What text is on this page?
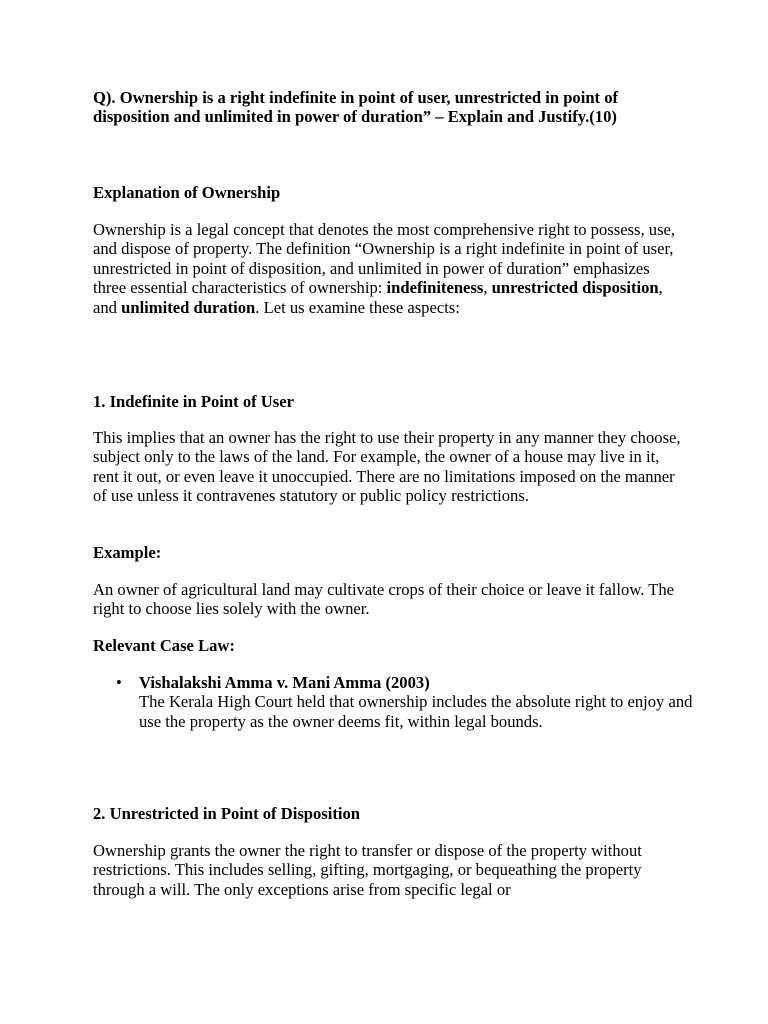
Q). Ownership is a right indefinite in point of user, unrestricted in point of disposition and unlimited in power of duration” – Explain and Justify.(10)

Explanation of Ownership

Ownership is a legal concept that denotes the most comprehensive right to possess, use, and dispose of property. The definition “Ownership is a right indefinite in point of user, unrestricted in point of disposition, and unlimited in power of duration” emphasizes three essential characteristics of ownership: indefiniteness, unrestricted disposition, and unlimited duration. Let us examine these aspects:

1. Indefinite in Point of User

This implies that an owner has the right to use their property in any manner they choose, subject only to the laws of the land. For example, the owner of a house may live in it, rent it out, or even leave it unoccupied. There are no limitations imposed on the manner of use unless it contravenes statutory or public policy restrictions.

Example:

An owner of agricultural land may cultivate crops of their choice or leave it fallow. The right to choose lies solely with the owner.

Relevant Case Law:

• Vishalakshi Amma v. Mani Amma (2003)
The Kerala High Court held that ownership includes the absolute right to enjoy and use the property as the owner deems fit, within legal bounds.

2. Unrestricted in Point of Disposition

Ownership grants the owner the right to transfer or dispose of the property without restrictions. This includes selling, gifting, mortgaging, or bequeathing the property through a will. The only exceptions arise from specific legal or
